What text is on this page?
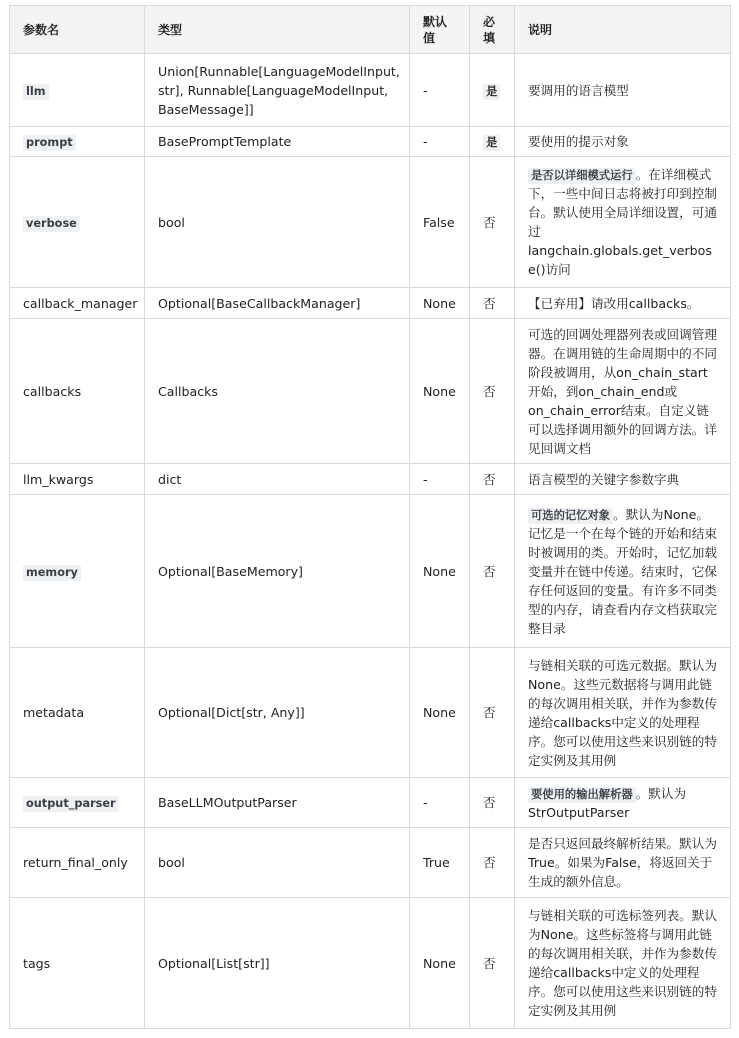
参数名	类型	默认值	必填	说明
llm	Union[Runnable[LanguageModelInput, str], Runnable[LanguageModelInput, BaseMessage]]	-	是	要调用的语言模型
prompt	BasePromptTemplate	-	是	要使用的提示对象
verbose	bool	False	否	是否以详细模式运行 。在详细模式下，一些中间日志将被打印到控制台。默认使用全局详细设置，可通过langchain.globals.get_verbose()访问
callback_manager	Optional[BaseCallbackManager]	None	否	【已弃用】请改用callbacks。
callbacks	Callbacks	None	否	可选的回调处理器列表或回调管理器。在调用链的生命周期中的不同阶段被调用，从on_chain_start开始，到on_chain_end或on_chain_error结束。自定义链可以选择调用额外的回调方法。详见回调文档
llm_kwargs	dict	-	否	语言模型的关键字参数字典
memory	Optional[BaseMemory]	None	否	可选的记忆对象 。默认为None。记忆是一个在每个链的开始和结束时被调用的类。开始时，记忆加载变量并在链中传递。结束时，它保存任何返回的变量。有许多不同类型的内存，请查看内存文档获取完整目录
metadata	Optional[Dict[str, Any]]	None	否	与链相关联的可选元数据。默认为None。这些元数据将与调用此链的每次调用相关联，并作为参数传递给callbacks中定义的处理程序。您可以使用这些来识别链的特定实例及其用例
output_parser	BaseLLMOutputParser	-	否	要使用的输出解析器 。默认为StrOutputParser
return_final_only	bool	True	否	是否只返回最终解析结果。默认为True。如果为False，将返回关于生成的额外信息。
tags	Optional[List[str]]	None	否	与链相关联的可选标签列表。默认为None。这些标签将与调用此链的每次调用相关联，并作为参数传递给callbacks中定义的处理程序。您可以使用这些来识别链的特定实例及其用例
